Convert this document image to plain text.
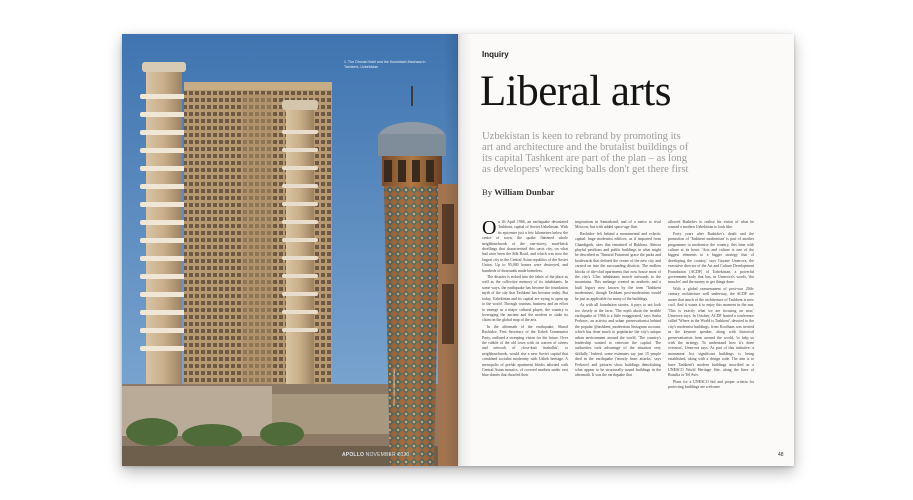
1. The Dhonia Hotel and the Kukeldash Madrasa in Tashkent, Uzbekistan
Photo: Julian Wiltshire/Getty
APOLLO NOVEMBER 2023
Inquiry
Liberal arts
Uzbekistan is keen to rebrand by promoting its art and architecture and the brutalist buildings of its capital Tashkent are part of the plan – as long as developers' wrecking balls don't get there first
By William Dunbar

On 26 April 1966, an earthquake devastated Tashkent, capital of Soviet Uzbekistan. With its epicentre just a few kilometres below the centre of town, the quake flattened whole neighbourhoods of the one-storey, mud-brick dwellings that characterised this oasis city, on what had once been the Silk Road, and which was now the largest city in the Central Asian republics of the Soviet Union. Up to 95,000 homes were destroyed, and hundreds of thousands made homeless.

The disaster is etched into the fabric of the place as well as the collective memory of its inhabitants. In some ways, the earthquake has become the foundation myth of the city that Tashkent has become today. But today, Uzbekistan and its capital are trying to open up to the world. Through tourism, business and an effort to emerge as a major cultural player, the country is leveraging the ancient and the modern to stake its claim on the global map of the arts.

In the aftermath of the earthquake, Sharaf Rashidov, First Secretary of the Uzbek Communist Party, outlined a sweeping vision for the future. Over the rubble of the old town with its warren of streets and network of close-knit 'mahallas', or neighbourhoods, would rise a new Soviet capital that combined socialist modernity with Uzbek heritage. A metropolis of prefab apartment blocks adorned with Central Asian mosaics, of covered markets under vast blue domes that dwarfed their

inspirations in Samarkand, and of a metro to rival Moscow, but with added space-age flair.

Rashidov left behind a monumental and eclectic capital: huge modernist edifices, as if imported from Chandigarh, sites that remained of Bukhara. Almost playful pavilions and public buildings in what might be described as 'Timurid Futurism' grace the parks and boulevards that defined the centre of the new city and carried on into the surrounding districts. The endless blocks of tile-clad apartments that now house most of the city's 3.5m inhabitants march outwards to the mountains. This melange created an aesthetic and a built legacy now known by the term 'Tashkent modernism', though Tashkent post-modernism would be just as applicable for many of the buildings.

As with all foundation stories, it pays to not look too closely at the facts. 'The myth about the terrible earthquake of 1966 is a little exaggerated,' says Sasha Fedorov, an activist and urban preservationist behind the popular @tashkent_modernism Instagram account, which has done much to popularise the city's unique urban environment around the world. 'The country's leadership wanted to renovate the capital. The authorities took advantage of the situation very skilfully.' Indeed, some estimates say just 15 people died in the earthquake ('mostly heart attacks,' says Fedorov) and pictures show buildings demolishing what appear to be structurally sound buildings in the aftermath. It was the earthquake that

allowed Rashidov to realise his vision of what he wanted a modern Uzbekistan to look like.

Forty years after Rashidov's death and the promotion of 'Tashkent modernism' is part of another programme to modernise the country, this time with culture at its heart. 'Arts and culture is one of the biggest elements to a bigger strategy that of developing the country,' says Gayane Umerova, the executive director of the Art and Culture Development Foundation (ACDF) of Uzbekistan, a powerful government body that has, in Umerova's words, 'the muscles' and the money to get things done.

With a global reassessment of post-war 20th-century architecture well underway, the ACDF are aware that much of the architecture of Tashkent is now cool. And it wants it to enjoy this moment in the sun. 'This is exactly what we are focusing on now,' Umerova says. In October, ACDF hosted a conference called 'Where in the World is Tashkent', devoted to the city's modernist buildings, from Koolhaas was invited as the keynote speaker, along with historical preservationists from around the world, 'to help us with the strategy. To understand how it's done overseas', Umerova says. As part of this initiative, a monument list significant buildings is being established, along with a design code. The aim is to have Tashkent's modern buildings inscribed as a UNESCO World Heritage Site, along the lines of Brasilia or Tel Aviv.

Plans for a UNESCO bid and proper criteria for protecting buildings are welcome

48
